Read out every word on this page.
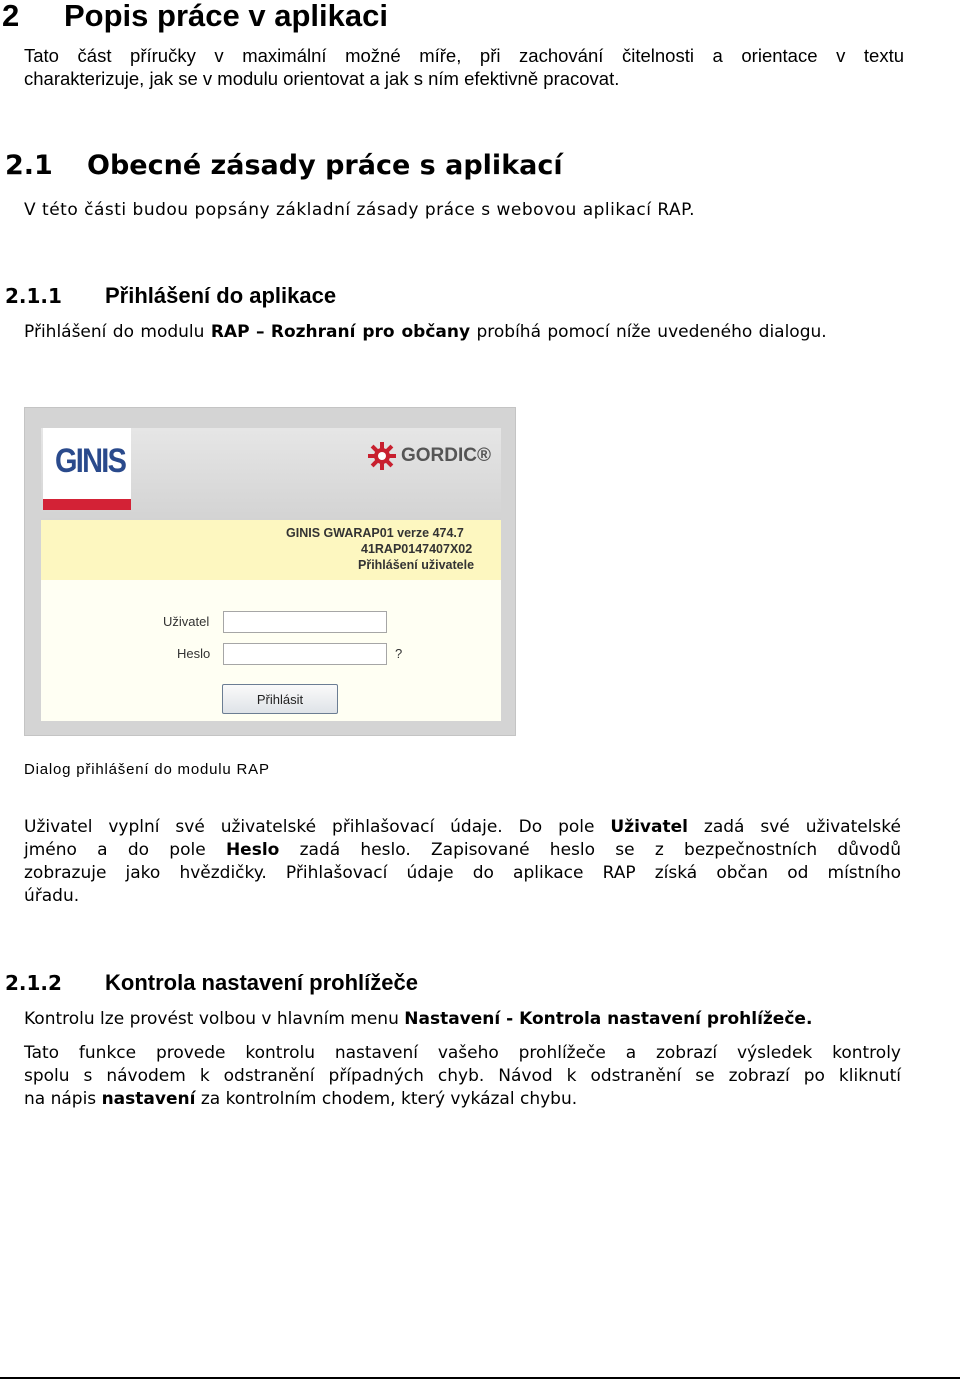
2 Popis práce v aplikaci
Tato část příručky v maximální možné míře, při zachování čitelnosti a orientace v textu
charakterizuje, jak se v modulu orientovat a jak s ním efektivně pracovat.
2.1 Obecné zásady práce s aplikací
V této části budou popsány základní zásady práce s webovou aplikací RAP.
2.1.1 Přihlášení do aplikace
Přihlášení do modulu RAP – Rozhraní pro občany probíhá pomocí níže uvedeného dialogu.
GINIS	GORDIC®
GINIS GWARAP01 verze 474.7
41RAP0147407X02
Přihlášení uživatele
Uživatel
Heslo	?
Přihlásit
Dialog přihlášení do modulu RAP
Uživatel vyplní své uživatelské přihlašovací údaje. Do pole Uživatel zadá své uživatelské
jméno a do pole Heslo zadá heslo. Zapisované heslo se z bezpečnostních důvodů
zobrazuje jako hvězdičky. Přihlašovací údaje do aplikace RAP získá občan od místního
úřadu.
2.1.2 Kontrola nastavení prohlížeče
Kontrolu lze provést volbou v hlavním menu Nastavení - Kontrola nastavení prohlížeče.
Tato funkce provede kontrolu nastavení vašeho prohlížeče a zobrazí výsledek kontroly
spolu s návodem k odstranění případných chyb. Návod k odstranění se zobrazí po kliknutí
na nápis nastavení za kontrolním chodem, který vykázal chybu.
